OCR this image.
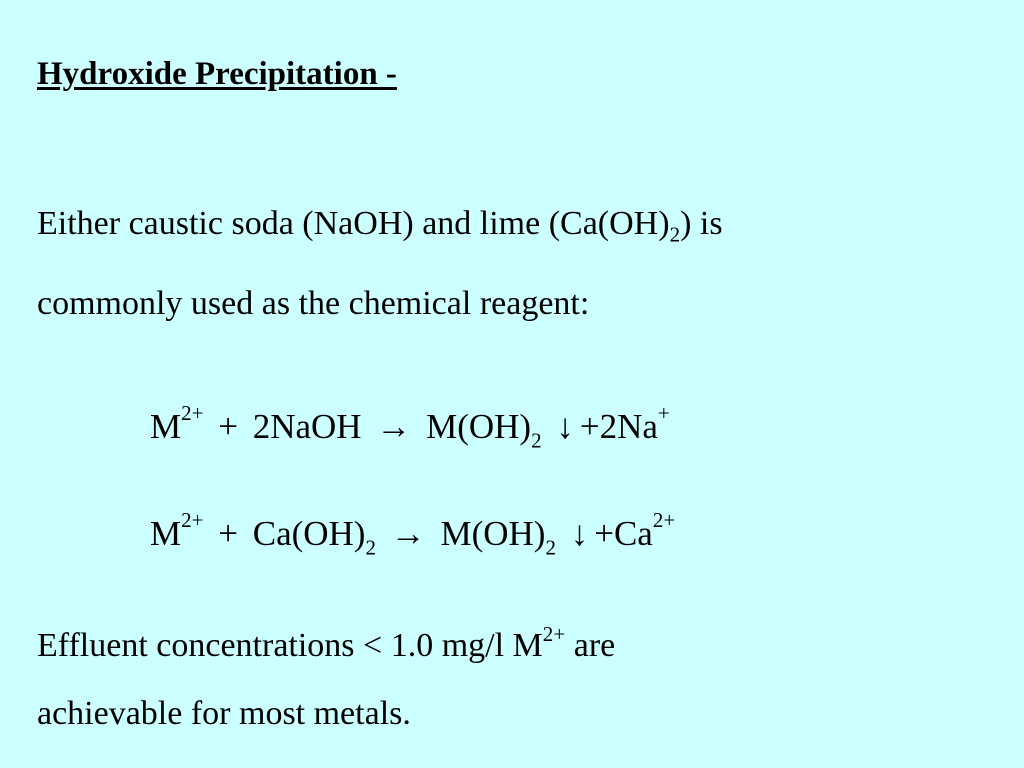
Hydroxide Precipitation -
Either caustic soda (NaOH) and lime $(Ca(OH)_2)$ is
commonly used as the chemical reagent:
$M^{2+}$ + 2NaOH → $M(OH)_2$ ↓ +2Na+
$M^{2+} + Ca(OH)_2 \to M(OH)_2$ ↓ $+Ca^{2+}$
Effluent concentrations < 1.0 mg/l $M^{2+}$ are
achievable for most metals.
